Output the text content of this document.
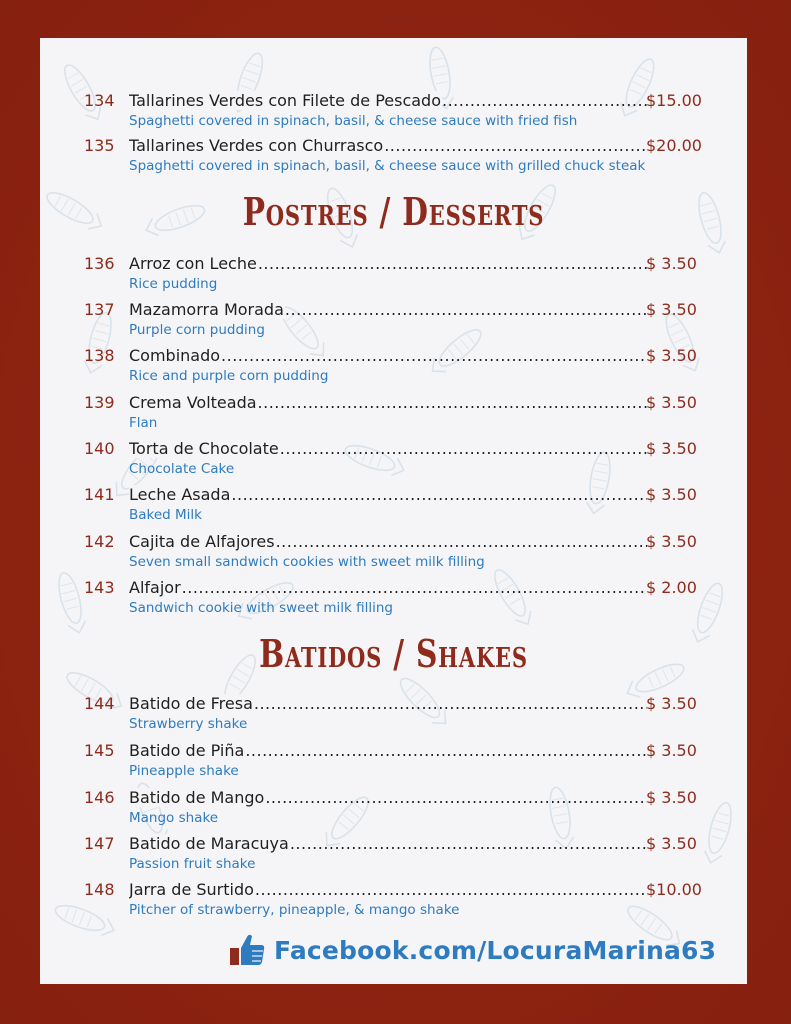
134 Tallarines Verdes con Filete de Pescado .....	$15.00
Spaghetti covered in spinach, basil, & cheese sauce with fried fish
135 Tallarines Verdes con Churrasco .....	$20.00
Spaghetti covered in spinach, basil, & cheese sauce with grilled chuck steak
Postres / Desserts
136 Arroz con Leche .....	$ 3.50
Rice pudding
137 Mazamorra Morada .....	$ 3.50
Purple corn pudding
138 Combinado .....	$ 3.50
Rice and purple corn pudding
139 Crema Volteada .....	$ 3.50
Flan
140 Torta de Chocolate .....	$ 3.50
Chocolate Cake
141 Leche Asada .....	$ 3.50
Baked Milk
142 Cajita de Alfajores .....	$ 3.50
Seven small sandwich cookies with sweet milk filling
143 Alfajor .....	$ 2.00
Sandwich cookie with sweet milk filling
Batidos / Shakes
144 Batido de Fresa .....	$ 3.50
Strawberry shake
145 Batido de Piña .....	$ 3.50
Pineapple shake
146 Batido de Mango .....	$ 3.50
Mango shake
147 Batido de Maracuya .....	$ 3.50
Passion fruit shake
148 Jarra de Surtido .....	$10.00
Pitcher of strawberry, pineapple, & mango shake
Facebook.com/LocuraMarina63
